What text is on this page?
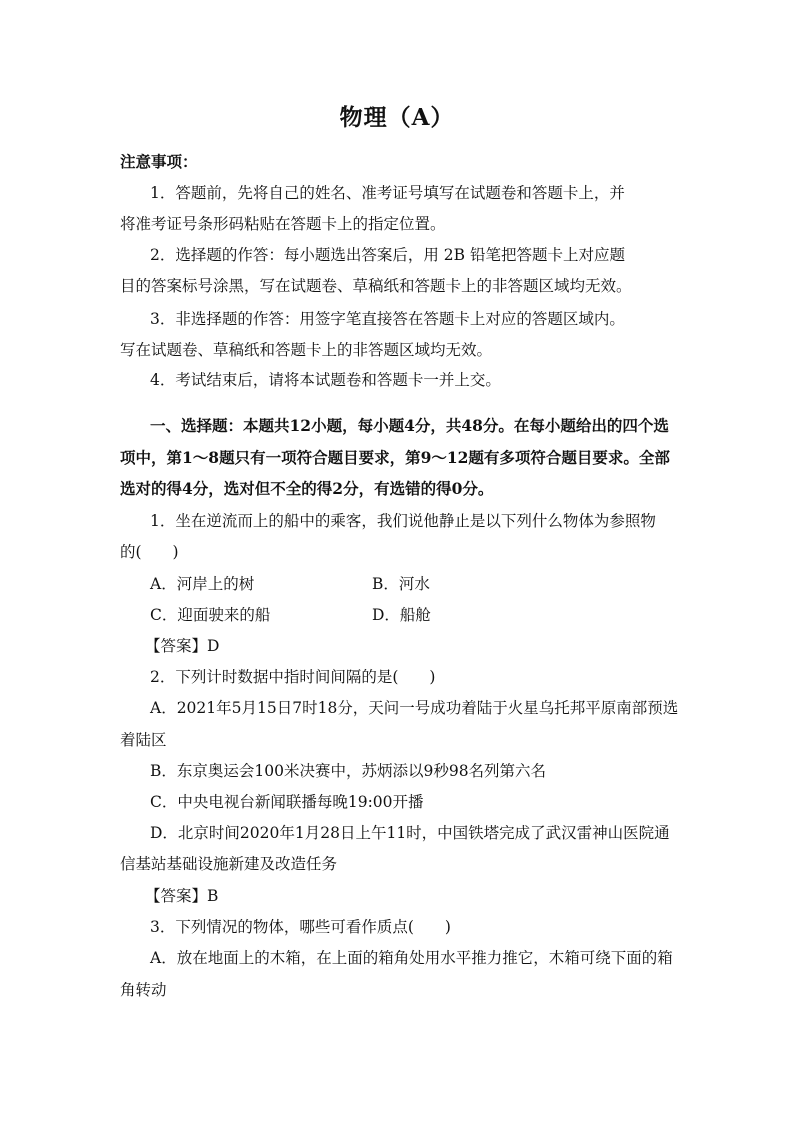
物理（A）
注意事项：
1．答题前，先将自己的姓名、准考证号填写在试题卷和答题卡上，并
将准考证号条形码粘贴在答题卡上的指定位置。
2．选择题的作答：每小题选出答案后，用 2B 铅笔把答题卡上对应题
目的答案标号涂黑，写在试题卷、草稿纸和答题卡上的非答题区域均无效。
3．非选择题的作答：用签字笔直接答在答题卡上对应的答题区域内。
写在试题卷、草稿纸和答题卡上的非答题区域均无效。
4．考试结束后，请将本试题卷和答题卡一并上交。
一、选择题：本题共12小题，每小题4分，共48分。在每小题给出的四个选
项中，第1～8题只有一项符合题目要求，第9～12题有多项符合题目要求。全部
选对的得4分，选对但不全的得2分，有选错的得0分。
1．坐在逆流而上的船中的乘客，我们说他静止是以下列什么物体为参照物
的(　　)
A．河岸上的树	B．河水
C．迎面驶来的船	D．船舱
【答案】D
2．下列计时数据中指时间间隔的是(　　)
A．2021年5月15日7时18分，天问一号成功着陆于火星乌托邦平原南部预选
着陆区
B．东京奥运会100米决赛中，苏炳添以9秒98名列第六名
C．中央电视台新闻联播每晚19:00开播
D．北京时间2020年1月28日上午11时，中国铁塔完成了武汉雷神山医院通
信基站基础设施新建及改造任务
【答案】B
3．下列情况的物体，哪些可看作质点(　　)
A．放在地面上的木箱，在上面的箱角处用水平推力推它，木箱可绕下面的箱
角转动
